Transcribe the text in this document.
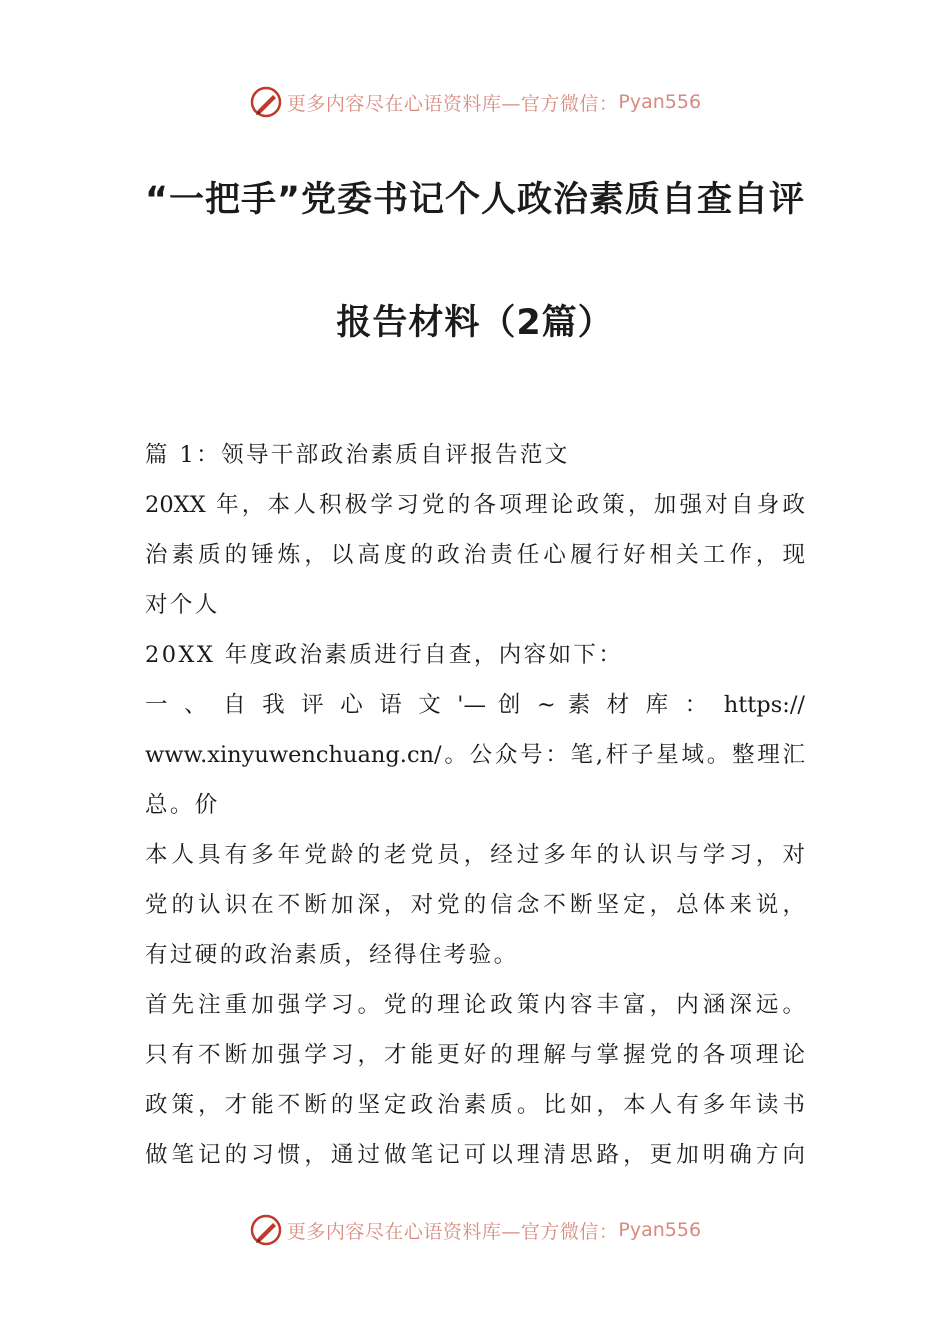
更多内容尽在心语资料库—官方微信： Pyan556
“一把手”党委书记个人政治素质自查自评
报告材料（2篇）
篇 1：领导干部政治素质自评报告范文
20XX 年，本人积极学习党的各项理论政策，加强对自身政
治素质的锤炼，以高度的政治责任心履行好相关工作，现
对个人
20XX 年度政治素质进行自查，内容如下：
一 、 自 我 评 心 语 文 '— 创 ~ 素 材 库 ： https://
www.xinyuwenchuang.cn/。公众号：笔,杆子星域。整理汇
总。价
本人具有多年党龄的老党员，经过多年的认识与学习，对
党的认识在不断加深，对党的信念不断坚定，总体来说，
有过硬的政治素质，经得住考验。
首先注重加强学习。党的理论政策内容丰富，内涵深远。
只有不断加强学习，才能更好的理解与掌握党的各项理论
政策，才能不断的坚定政治素质。比如，本人有多年读书
做笔记的习惯，通过做笔记可以理清思路，更加明确方向
更多内容尽在心语资料库—官方微信： Pyan556
